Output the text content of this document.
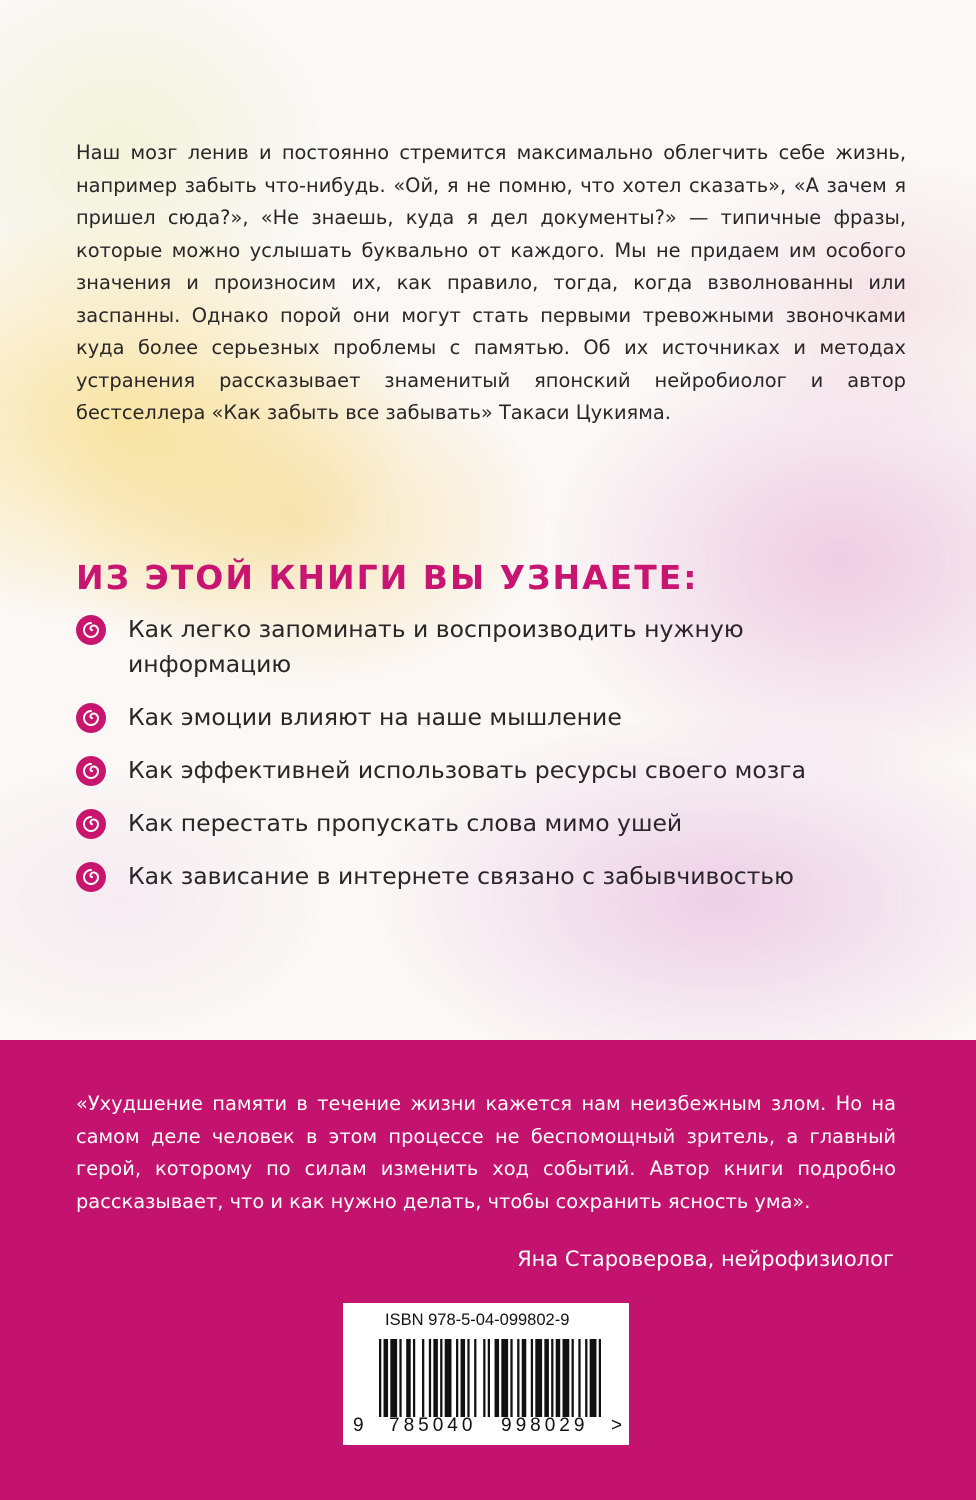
Наш мозг ленив и постоянно стремится максимально облегчить себе жизнь, например забыть что-нибудь. «Ой, я не помню, что хотел сказать», «А зачем я пришел сюда?», «Не знаешь, куда я дел документы?» — типичные фразы, которые можно услышать буквально от каждого. Мы не придаем им особого значения и произносим их, как правило, тогда, когда взволнованны или заспанны. Однако порой они могут стать первыми тревожными звоночками куда более серьезных проблемы с памятью. Об их источниках и методах устранения рассказывает знаменитый японский нейробиолог и автор бестселлера «Как забыть все забывать» Такаси Цукияма.

ИЗ ЭТОЙ КНИГИ ВЫ УЗНАЕТЕ:
Как легко запоминать и воспроизводить нужную информацию
Как эмоции влияют на наше мышление
Как эффективней использовать ресурсы своего мозга
Как перестать пропускать слова мимо ушей
Как зависание в интернете связано с забывчивостью

«Ухудшение памяти в течение жизни кажется нам неизбежным злом. Но на самом деле человек в этом процессе не беспомощный зритель, а главный герой, которому по силам изменить ход событий. Автор книги подробно рассказывает, что и как нужно делать, чтобы сохранить ясность ума».

Яна Староверова, нейрофизиолог

ISBN 978-5-04-099802-9
9 785040 998029 >
